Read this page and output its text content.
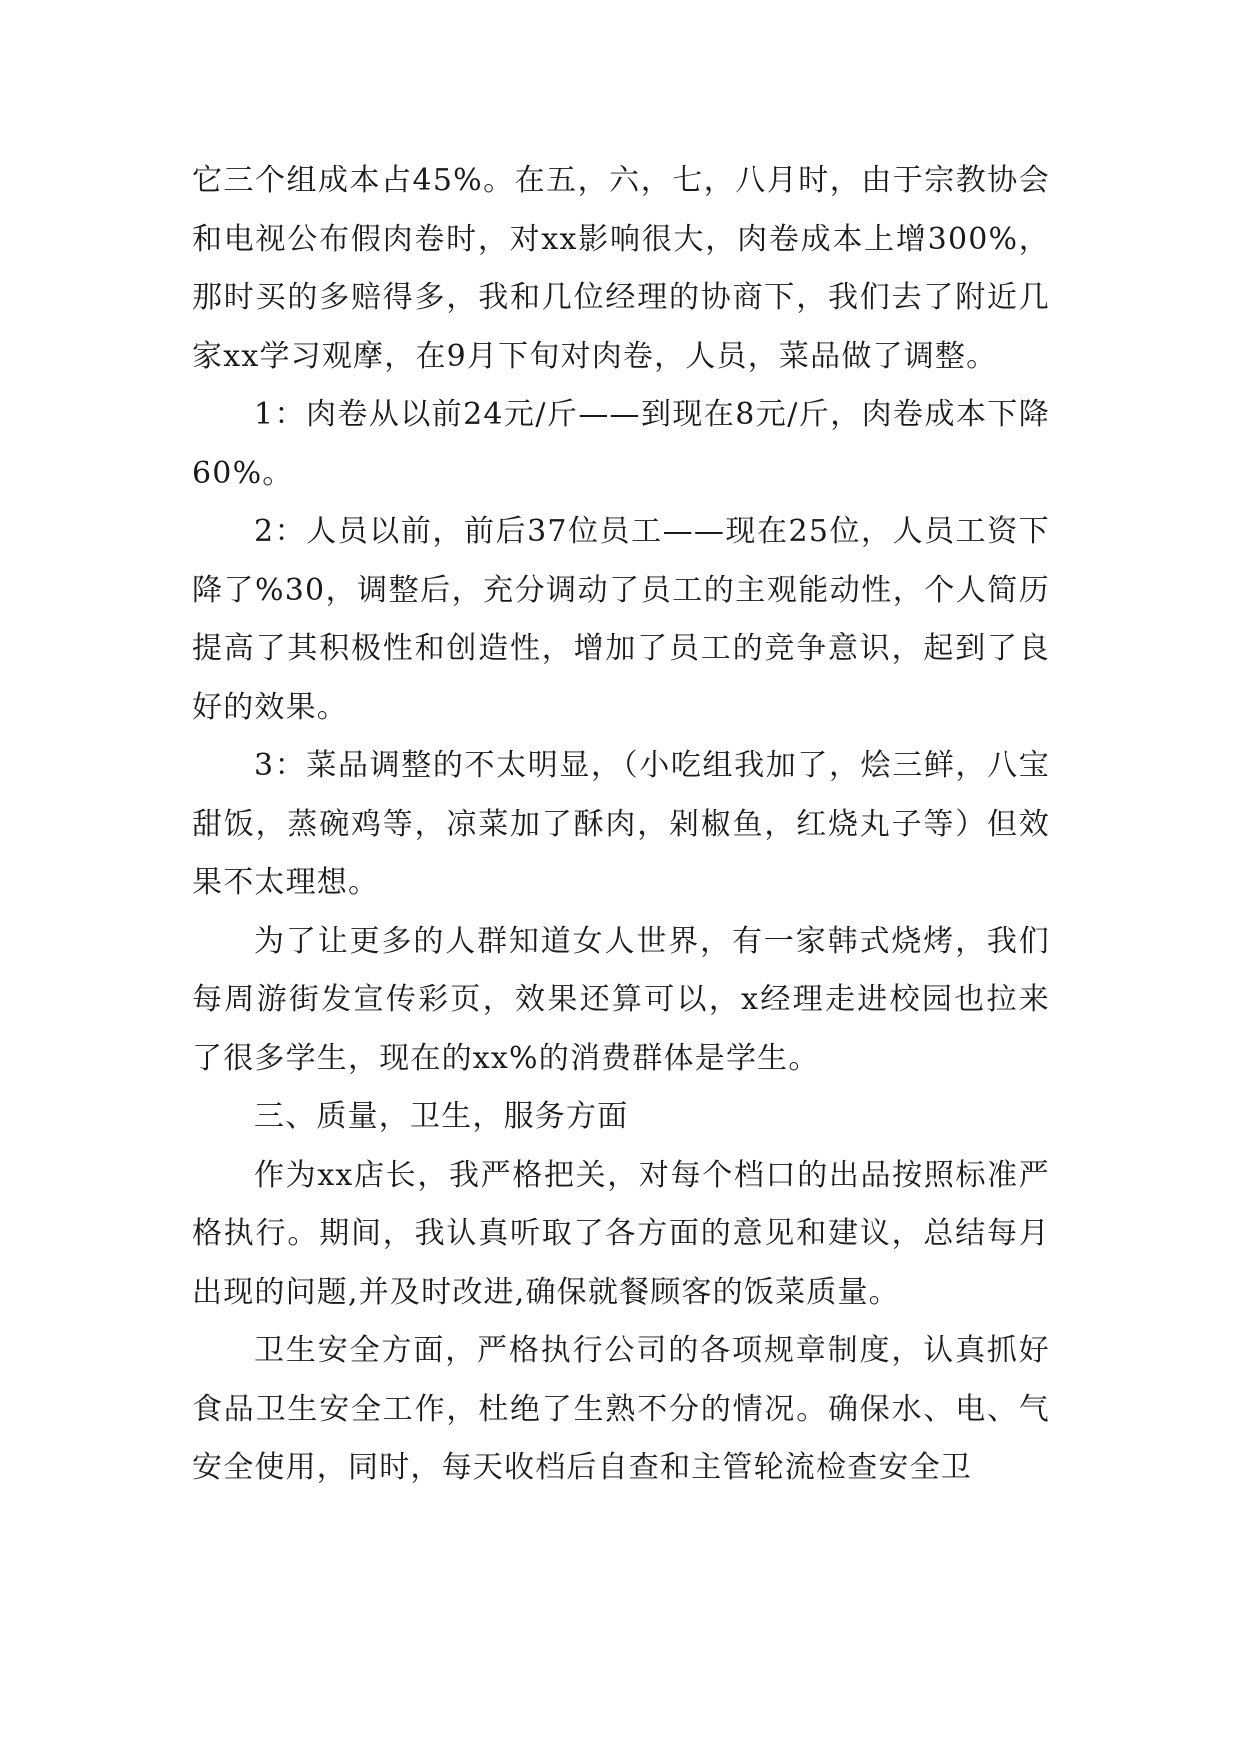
它三个组成本占45%。在五，六，七，八月时，由于宗教协会和电视公布假肉卷时，对xx影响很大，肉卷成本上增300%，那时买的多赔得多，我和几位经理的协商下，我们去了附近几家xx学习观摩，在9月下旬对肉卷，人员，菜品做了调整。

1：肉卷从以前24元/斤——到现在8元/斤，肉卷成本下降60%。

2：人员以前，前后37位员工——现在25位，人员工资下降了%30，调整后，充分调动了员工的主观能动性，个人简历提高了其积极性和创造性，增加了员工的竞争意识，起到了良好的效果。

3：菜品调整的不太明显，（小吃组我加了，烩三鲜，八宝甜饭，蒸碗鸡等，凉菜加了酥肉，剁椒鱼，红烧丸子等）但效果不太理想。

为了让更多的人群知道女人世界，有一家韩式烧烤，我们每周游街发宣传彩页，效果还算可以，x经理走进校园也拉来了很多学生，现在的xx%的消费群体是学生。

三、质量，卫生，服务方面

作为xx店长，我严格把关，对每个档口的出品按照标准严格执行。期间，我认真听取了各方面的意见和建议，总结每月出现的问题,并及时改进,确保就餐顾客的饭菜质量。

卫生安全方面，严格执行公司的各项规章制度，认真抓好食品卫生安全工作，杜绝了生熟不分的情况。确保水、电、气安全使用，同时，每天收档后自查和主管轮流检查安全卫
